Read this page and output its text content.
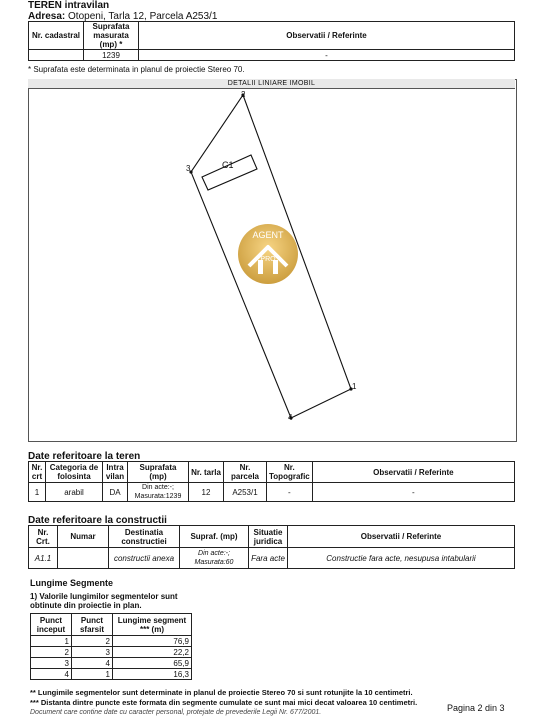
TEREN intravilan
Adresa: Otopeni, Tarla 12, Parcela A253/1
Nr. cadastral	Suprafata masurata (mp) *	Observatii / Referinte
	1239	-
* Suprafata este determinata in planul de proiectie Stereo 70.
DETALII LINIARE IMOBIL
2
1
4
3	C1
AGENT
PRO
Date referitoare la teren
Nr. crt	Categoria de folosinta	Intra vilan	Suprafata (mp)	Nr. tarla	Nr. parcela	Nr. Topografic	Observatii / Referinte
1	arabil	DA	Din acte:-; Masurata:1239	12	A253/1	-	-
Date referitoare la constructii
Nr. Crt.	Numar	Destinatia constructiei	Supraf. (mp)	Situatie juridica	Observatii / Referinte
A1.1		constructii anexa	Din acte:-; Masurata:60	Fara acte	Constructie fara acte, nesupusa intabularii
Lungime Segmente
1) Valorile lungimilor segmentelor sunt obtinute din proiectie in plan.
Punct inceput	Punct sfarsit	Lungime segment *** (m)
1	2	76,9
2	3	22,2
3	4	65,9
4	1	16,3
** Lungimile segmentelor sunt determinate in planul de proiectie Stereo 70 si sunt rotunjite la 10 centimetri.
*** Distanta dintre puncte este formata din segmente cumulate ce sunt mai mici decat valoarea 10 centimetri.
Document care contine date cu caracter personal, protejate de prevederile Legii Nr. 677/2001.	Pagina 2 din 3
